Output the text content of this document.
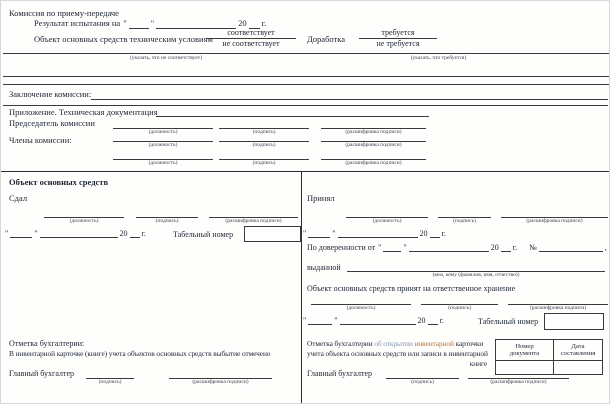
Комиссия по приему-передаче
Результат испытания на "	"	20 г.
Объект основных средств техническим условиям
соответствует
не соответствует	Доработка
требуется
не требуется
(указать, что не соответствует)	(указать, что требуется)
Заключение комиссии:
Приложение. Техническая документация
Председатель комиссии
(должность)	(подпись)	(расшифровка подписи)
Члены комиссии:	(должность)	(подпись)	(расшифровка подписи)
(должность)	(подпись)	(расшифровка подписи)
Объект основных средств
Сдал
(должность)	(подпись)	(расшифровка подписи)
"	"	20 г.	Табельный номер
Принял
(должность)	(подпись)	(расшифровка подписи)
"	"	20 г.
По доверенности от "	"	20 г. №	,
выданной
(кем, кому (фамилия, имя, отчество))
Объект основных средств принят на ответственное хранение
(должность)	(подпись)	(расшифровка подписи)
"	"	20 г.	Табельный номер
Отметка бухгалтерии об открытии инвентарной карточки
учета объекта основных средств или записи в инвентарной
книге
Номер
документа
Дата
составления
Главный бухгалтер
(подпись)	(расшифровка подписи)
Отметка бухгалтерии:
В инвентарной карточке (книге) учета объектов основных средств выбытие отмечено
Главный бухгалтер
(подпись)	(расшифровка подписи)
